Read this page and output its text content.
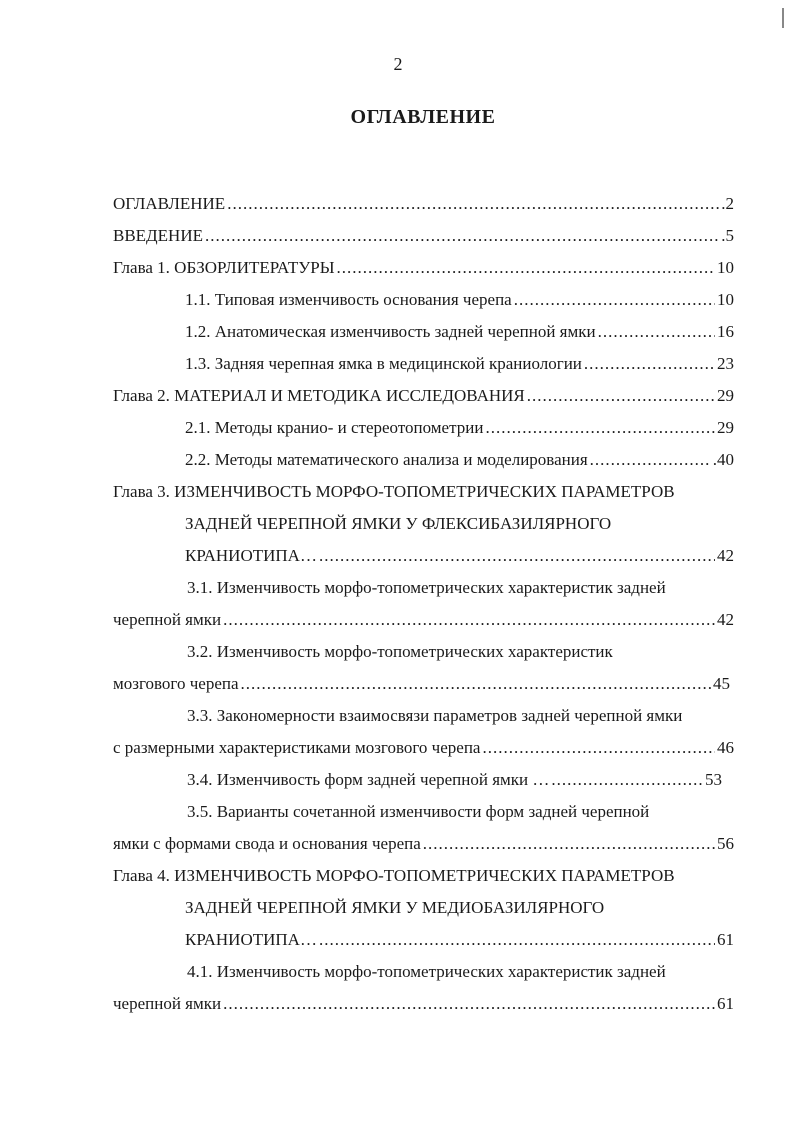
2
ОГЛАВЛЕНИЕ
ОГЛАВЛЕНИЕ .....	.2
ВВЕДЕНИЕ .....	.5
Глава 1. ОБЗОРЛИТЕРАТУРЫ .....	10
1.1. Типовая изменчивость основания черепа .....	10
1.2. Анатомическая изменчивость задней черепной ямки .....	16
1.3. Задняя черепная ямка в медицинской краниологии .....	23
Глава 2. МАТЕРИАЛ И МЕТОДИКА ИССЛЕДОВАНИЯ .....	29
2.1. Методы кранио- и стереотопометрии .....	29
2.2. Методы математического анализа и моделирования .....	.40
Глава 3. ИЗМЕНЧИВОСТЬ МОРФО-ТОПОМЕТРИЧЕСКИХ ПАРАМЕТРОВ
ЗАДНЕЙ ЧЕРЕПНОЙ ЯМКИ У ФЛЕКСИБАЗИЛЯРНОГО
КРАНИОТИПА… .....	42
3.1. Изменчивость морфо-топометрических характеристик задней
черепной ямки .....	42
3.2. Изменчивость морфо-топометрических характеристик
мозгового черепа .....	45
3.3. Закономерности взаимосвязи параметров задней черепной ямки
с размерными характеристиками мозгового черепа .....	46
3.4. Изменчивость форм задней черепной ямки … .....	53
3.5. Варианты сочетанной изменчивости форм задней черепной
ямки с формами свода и основания черепа .....	56
Глава 4. ИЗМЕНЧИВОСТЬ МОРФО-ТОПОМЕТРИЧЕСКИХ ПАРАМЕТРОВ
ЗАДНЕЙ ЧЕРЕПНОЙ ЯМКИ У МЕДИОБАЗИЛЯРНОГО
КРАНИОТИПА… .....	61
4.1. Изменчивость морфо-топометрических характеристик задней
черепной ямки .....	61
